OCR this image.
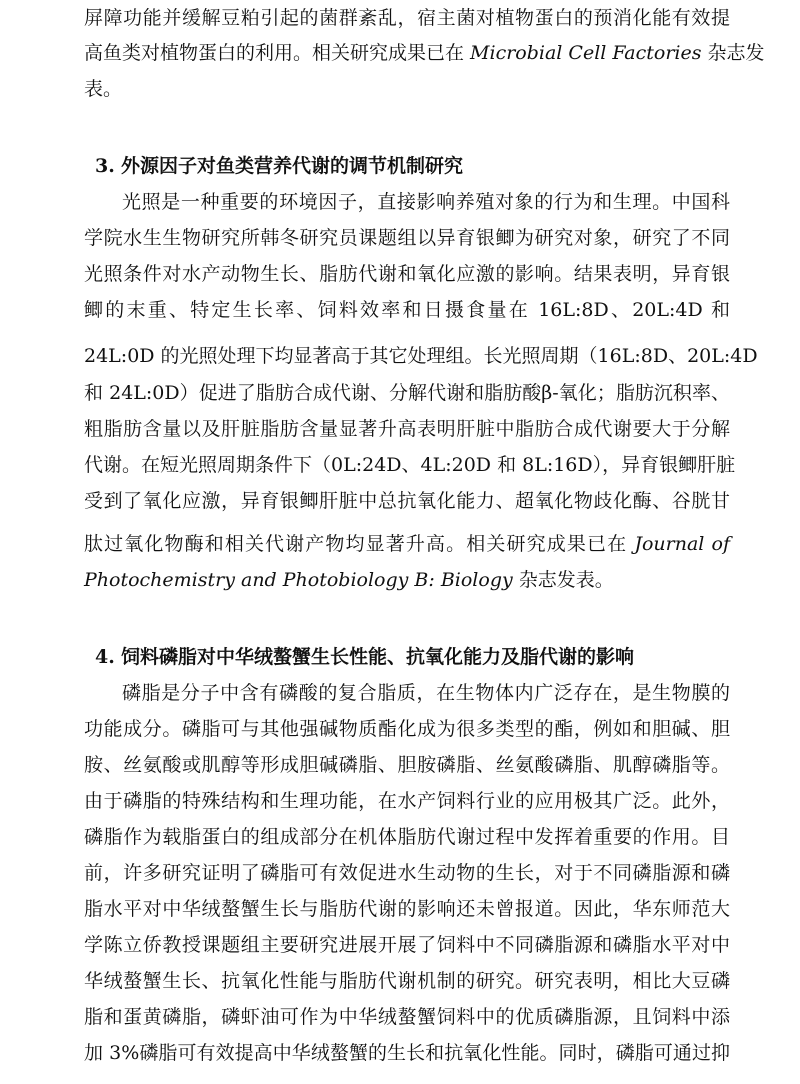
屏障功能并缓解豆粕引起的菌群紊乱，宿主菌对植物蛋白的预消化能有效提
高鱼类对植物蛋白的利用。相关研究成果已在 Microbial Cell Factories 杂志发
表。
3. 外源因子对鱼类营养代谢的调节机制研究
光照是一种重要的环境因子，直接影响养殖对象的行为和生理。中国科
学院水生生物研究所韩冬研究员课题组以异育银鲫为研究对象，研究了不同
光照条件对水产动物生长、脂肪代谢和氧化应激的影响。结果表明，异育银
鲫的末重、特定生长率、饲料效率和日摄食量在 16L:8D、20L:4D 和
24L:0D 的光照处理下均显著高于其它处理组。长光照周期（16L:8D、20L:4D
和 24L:0D）促进了脂肪合成代谢、分解代谢和脂肪酸β-氧化；脂肪沉积率、
粗脂肪含量以及肝脏脂肪含量显著升高表明肝脏中脂肪合成代谢要大于分解
代谢。在短光照周期条件下（0L:24D、4L:20D 和 8L:16D），异育银鲫肝脏
受到了氧化应激，异育银鲫肝脏中总抗氧化能力、超氧化物歧化酶、谷胱甘
肽过氧化物酶和相关代谢产物均显著升高。相关研究成果已在 Journal of
Photochemistry and Photobiology B: Biology 杂志发表。
4. 饲料磷脂对中华绒螯蟹生长性能、抗氧化能力及脂代谢的影响
磷脂是分子中含有磷酸的复合脂质，在生物体内广泛存在，是生物膜的
功能成分。磷脂可与其他强碱物质酯化成为很多类型的酯，例如和胆碱、胆
胺、丝氨酸或肌醇等形成胆碱磷脂、胆胺磷脂、丝氨酸磷脂、肌醇磷脂等。
由于磷脂的特殊结构和生理功能，在水产饲料行业的应用极其广泛。此外，
磷脂作为载脂蛋白的组成部分在机体脂肪代谢过程中发挥着重要的作用。目
前，许多研究证明了磷脂可有效促进水生动物的生长，对于不同磷脂源和磷
脂水平对中华绒螯蟹生长与脂肪代谢的影响还未曾报道。因此，华东师范大
学陈立侨教授课题组主要研究进展开展了饲料中不同磷脂源和磷脂水平对中
华绒螯蟹生长、抗氧化性能与脂肪代谢机制的研究。研究表明，相比大豆磷
脂和蛋黄磷脂，磷虾油可作为中华绒螯蟹饲料中的优质磷脂源，且饲料中添
加 3%磷脂可有效提高中华绒螯蟹的生长和抗氧化性能。同时，磷脂可通过抑
